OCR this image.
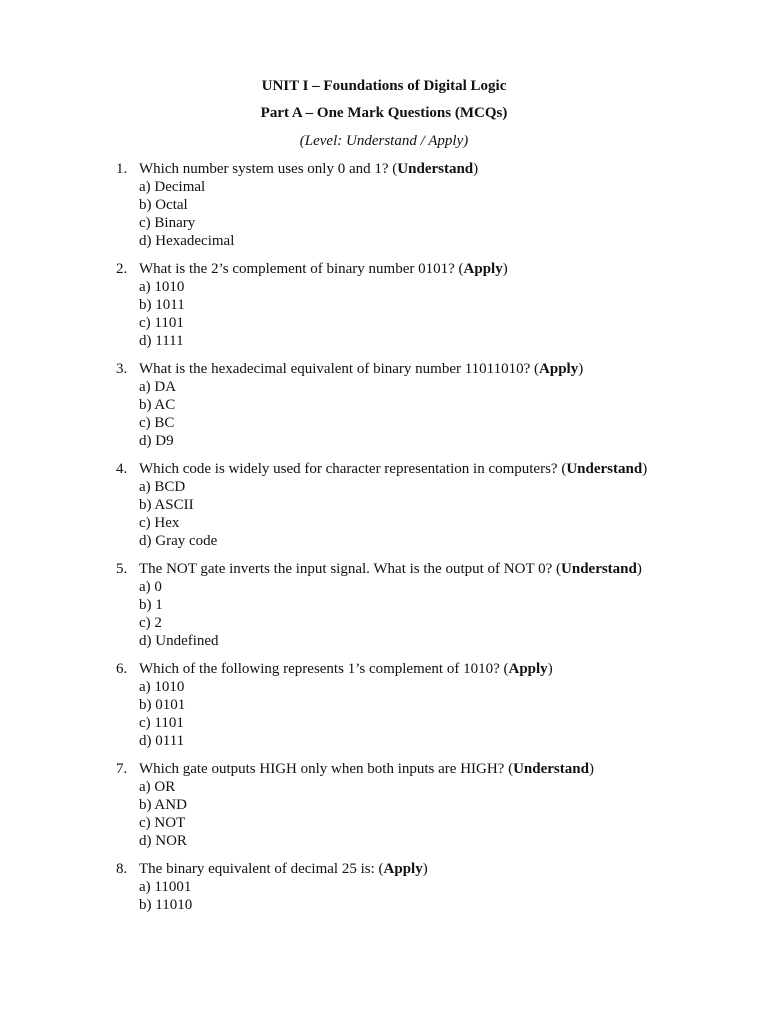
UNIT I – Foundations of Digital Logic
Part A – One Mark Questions (MCQs)
(Level: Understand / Apply)
1. Which number system uses only 0 and 1? (Understand)
a) Decimal
b) Octal
c) Binary
d) Hexadecimal
2. What is the 2’s complement of binary number 0101? (Apply)
a) 1010
b) 1011
c) 1101
d) 1111
3. What is the hexadecimal equivalent of binary number 11011010? (Apply)
a) DA
b) AC
c) BC
d) D9
4. Which code is widely used for character representation in computers? (Understand)
a) BCD
b) ASCII
c) Hex
d) Gray code
5. The NOT gate inverts the input signal. What is the output of NOT 0? (Understand)
a) 0
b) 1
c) 2
d) Undefined
6. Which of the following represents 1’s complement of 1010? (Apply)
a) 1010
b) 0101
c) 1101
d) 0111
7. Which gate outputs HIGH only when both inputs are HIGH? (Understand)
a) OR
b) AND
c) NOT
d) NOR
8. The binary equivalent of decimal 25 is: (Apply)
a) 11001
b) 11010
